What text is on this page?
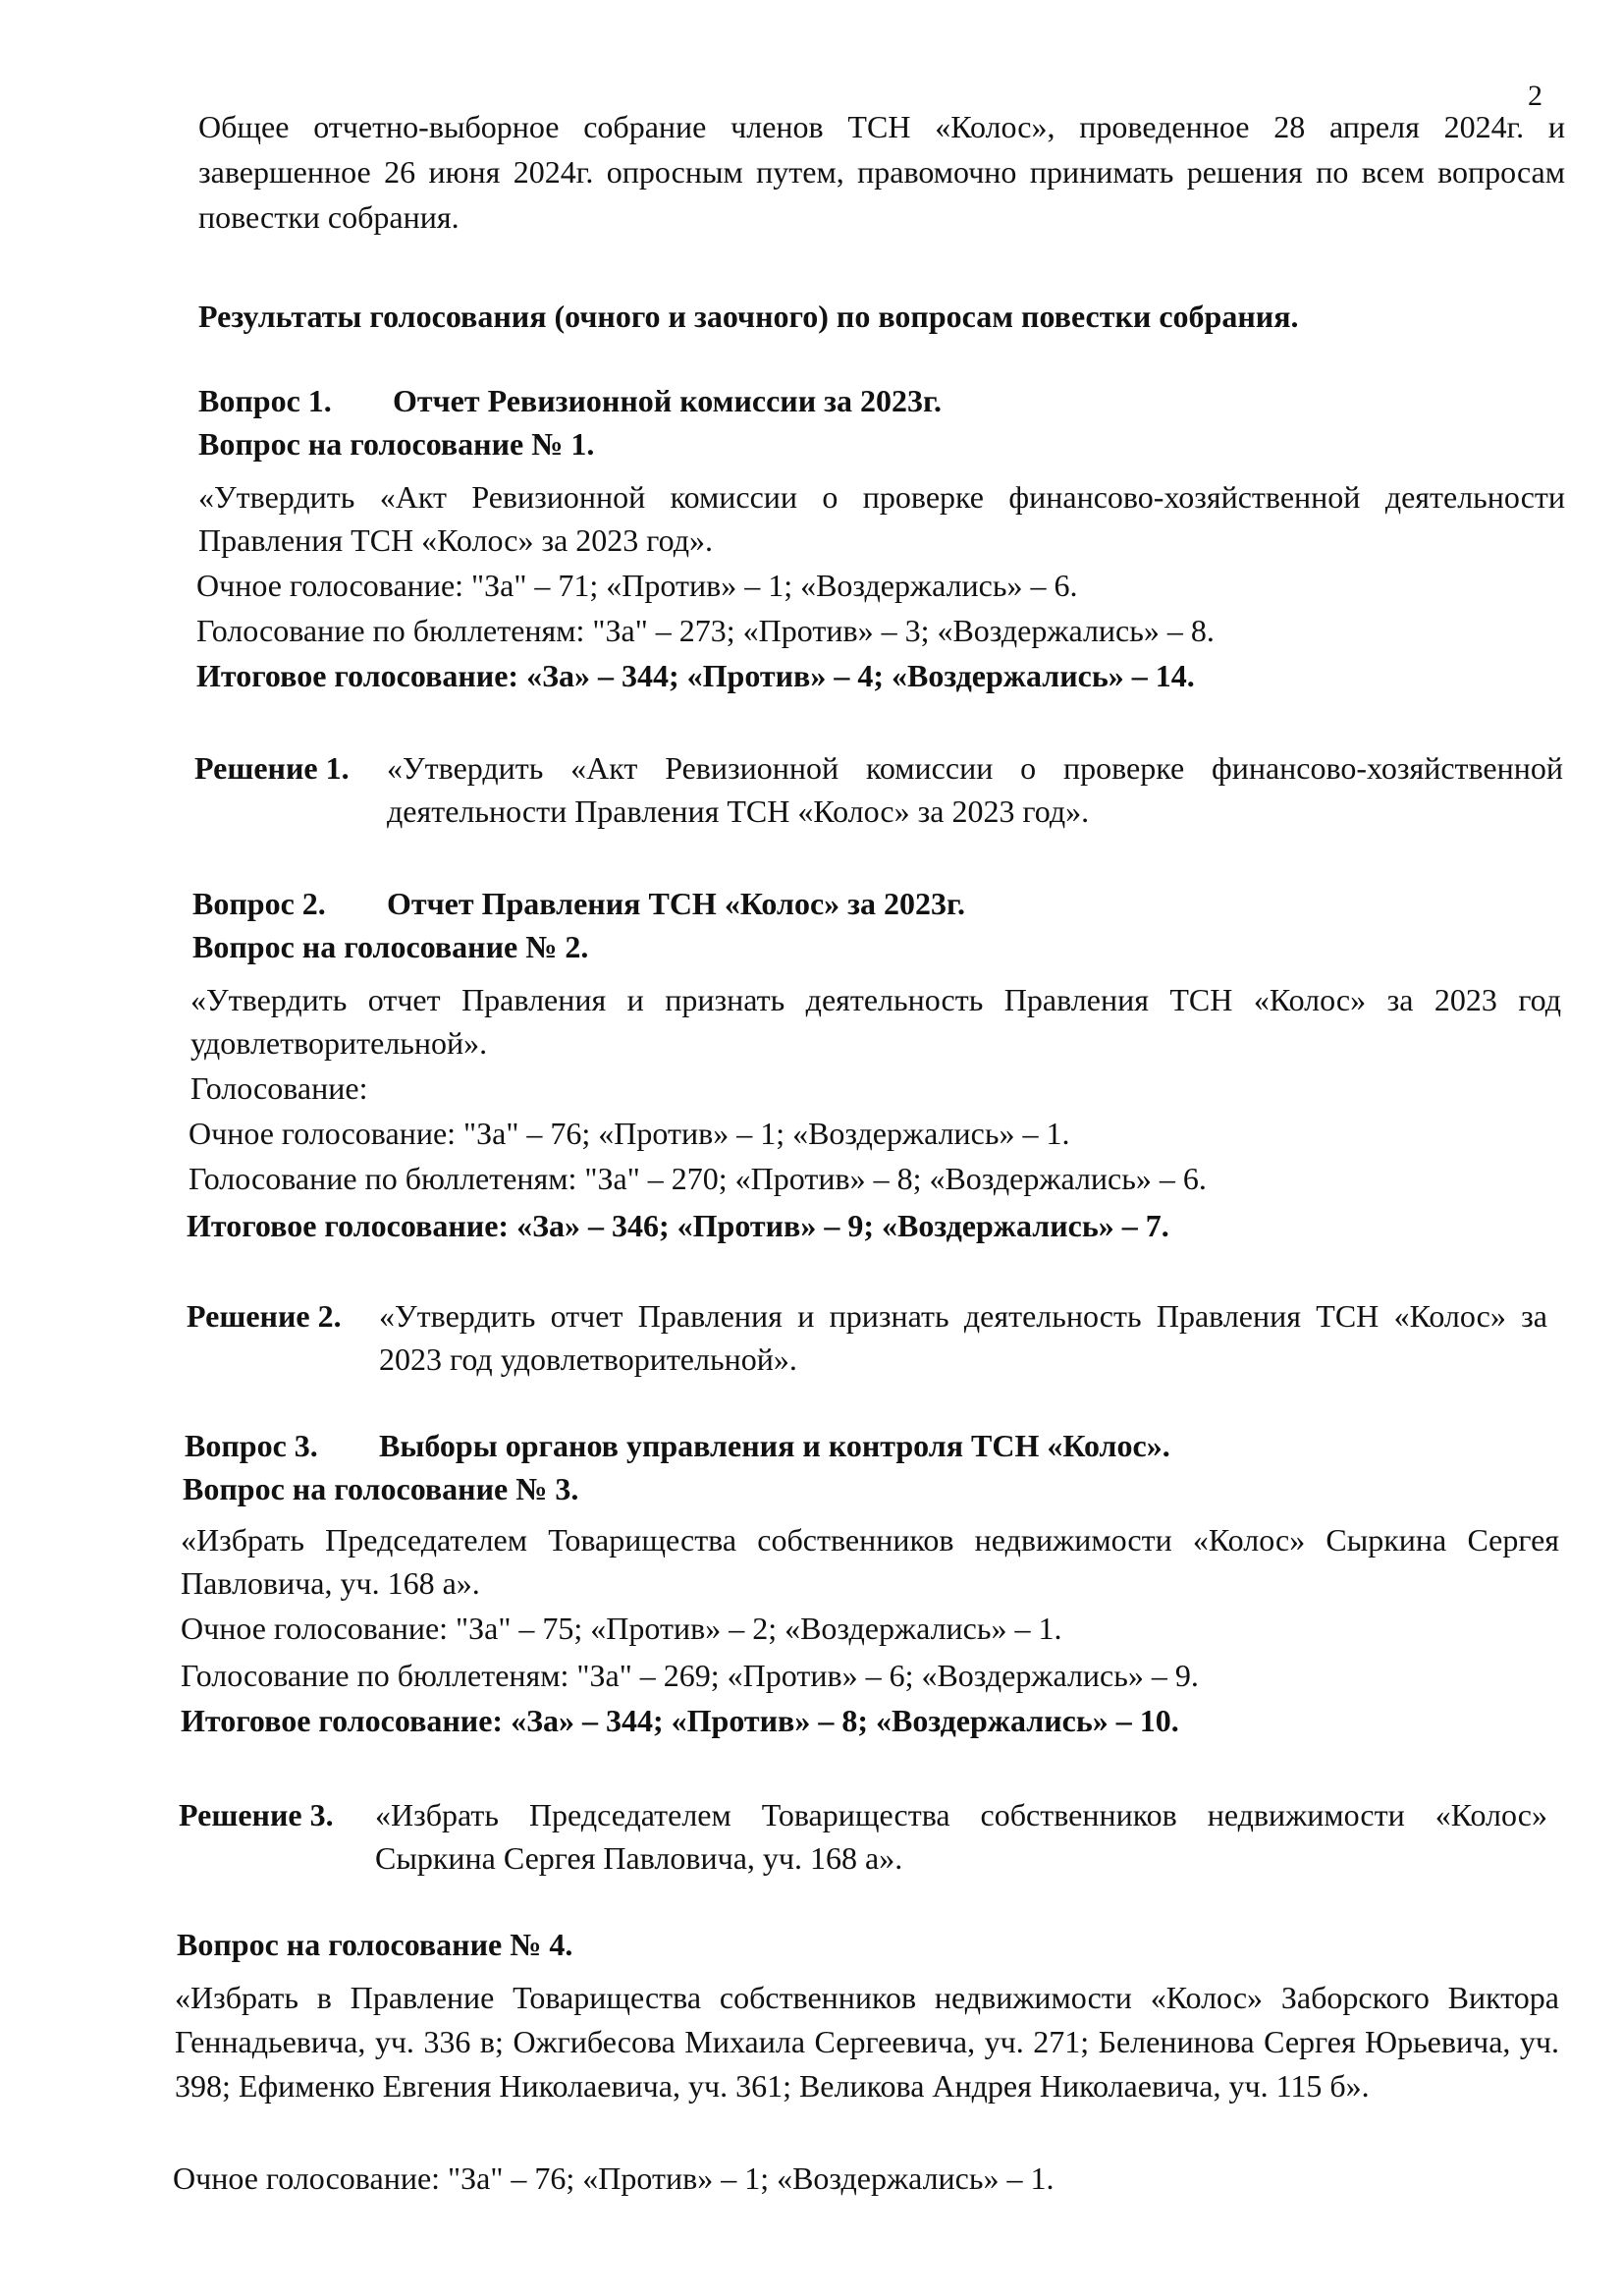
2

Общее отчетно-выборное собрание членов ТСН «Колос», проведенное 28 апреля 2024г. и завершенное 26 июня 2024г. опросным путем, правомочно принимать решения по всем вопросам повестки собрания.

Результаты голосования (очного и заочного) по вопросам повестки собрания.

Вопрос 1. Отчет Ревизионной комиссии за 2023г.
Вопрос на голосование № 1.

«Утвердить «Акт Ревизионной комиссии о проверке финансово-хозяйственной деятельности Правления ТСН «Колос» за 2023 год».

Очное голосование: "За" – 71; «Против» – 1; «Воздержались» – 6.
Голосование по бюллетеням: "За" – 273; «Против» – 3; «Воздержались» – 8.
Итоговое голосование: «За» – 344; «Против» – 4; «Воздержались» – 14.
Решение 1. «Утвердить «Акт Ревизионной комиссии о проверке финансово-хозяйственной деятельности Правления ТСН «Колос» за 2023 год».
Вопрос 2. Отчет Правления ТСН «Колос» за 2023г.
Вопрос на голосование № 2.

«Утвердить отчет Правления и признать деятельность Правления ТСН «Колос» за 2023 год удовлетворительной».

Голосование:
Очное голосование: "За" – 76; «Против» – 1; «Воздержались» – 1.
Голосование по бюллетеням: "За" – 270; «Против» – 8; «Воздержались» – 6.
Итоговое голосование: «За» – 346; «Против» – 9; «Воздержались» – 7.
Решение 2. «Утвердить отчет Правления и признать деятельность Правления ТСН «Колос» за 2023 год удовлетворительной».
Вопрос 3. Выборы органов управления и контроля ТСН «Колос».
Вопрос на голосование № 3.

«Избрать Председателем Товарищества собственников недвижимости «Колос» Сыркина Сергея Павловича, уч. 168 а».

Очное голосование: "За" – 75; «Против» – 2; «Воздержались» – 1.
Голосование по бюллетеням: "За" – 269; «Против» – 6; «Воздержались» – 9.
Итоговое голосование: «За» – 344; «Против» – 8; «Воздержались» – 10.
Решение 3. «Избрать Председателем Товарищества собственников недвижимости «Колос» Сыркина Сергея Павловича, уч. 168 а».
Вопрос на голосование № 4.

«Избрать в Правление Товарищества собственников недвижимости «Колос» Заборского Виктора Геннадьевича, уч. 336 в; Ожгибесова Михаила Сергеевича, уч. 271; Беленинова Сергея Юрьевича, уч. 398; Ефименко Евгения Николаевича, уч. 361; Великова Андрея Николаевича, уч. 115 б».

Очное голосование: "За" – 76; «Против» – 1; «Воздержались» – 1.
